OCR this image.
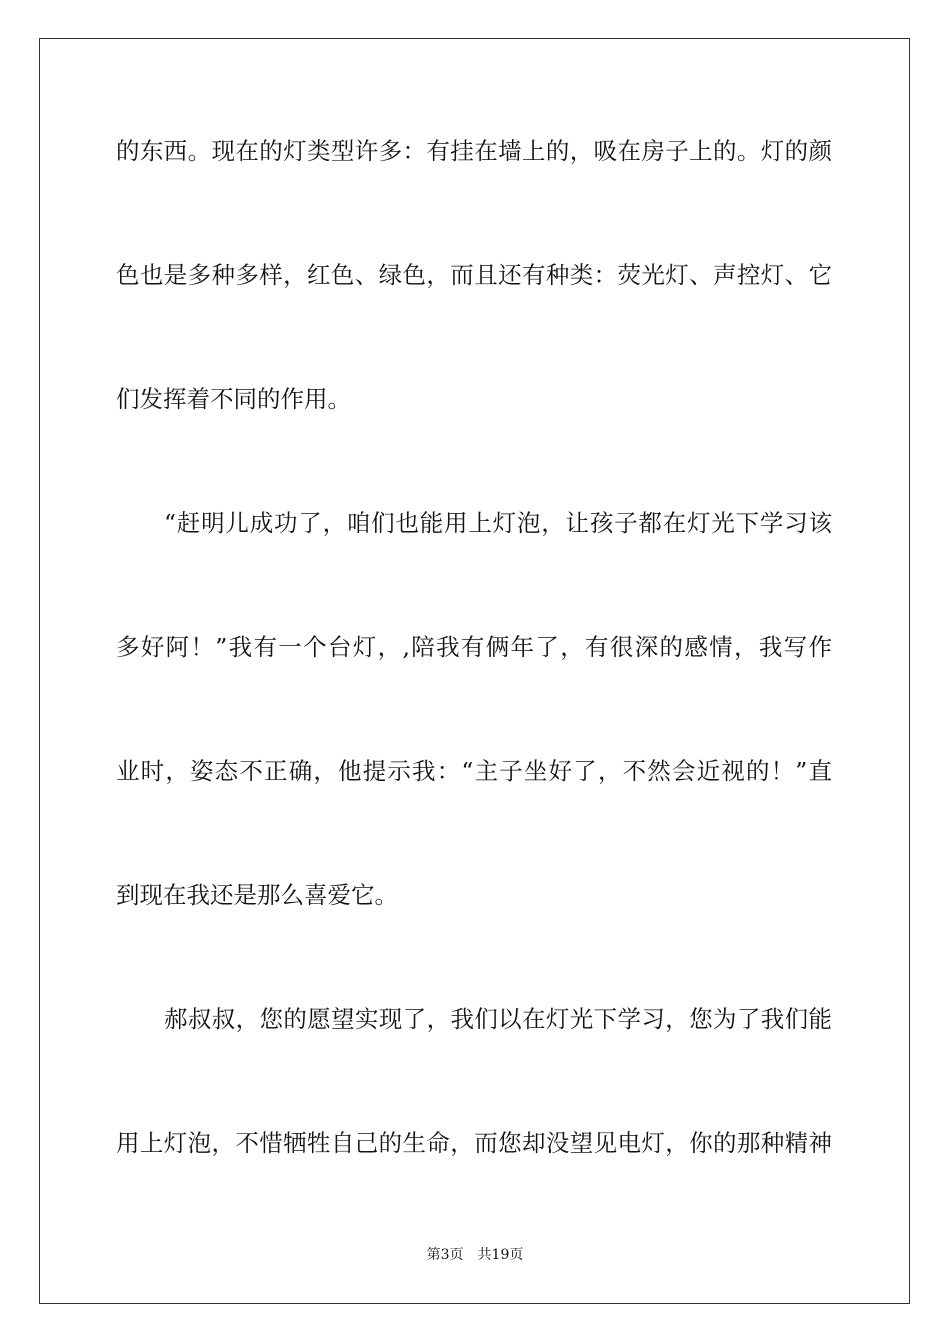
的东西。现在的灯类型许多：有挂在墙上的，吸在房子上的。灯的颜
色也是多种多样，红色、绿色，而且还有种类：荧光灯、声控灯、它
们发挥着不同的作用。
“赶明儿成功了，咱们也能用上灯泡，让孩子都在灯光下学习该
多好阿！”我有一个台灯，,陪我有俩年了，有很深的感情，我写作
业时，姿态不正确，他提示我：“主子坐好了，不然会近视的！”直
到现在我还是那么喜爱它。
郝叔叔，您的愿望实现了，我们以在灯光下学习，您为了我们能
用上灯泡，不惜牺牲自己的生命，而您却没望见电灯，你的那种精神
第3页 共19页
